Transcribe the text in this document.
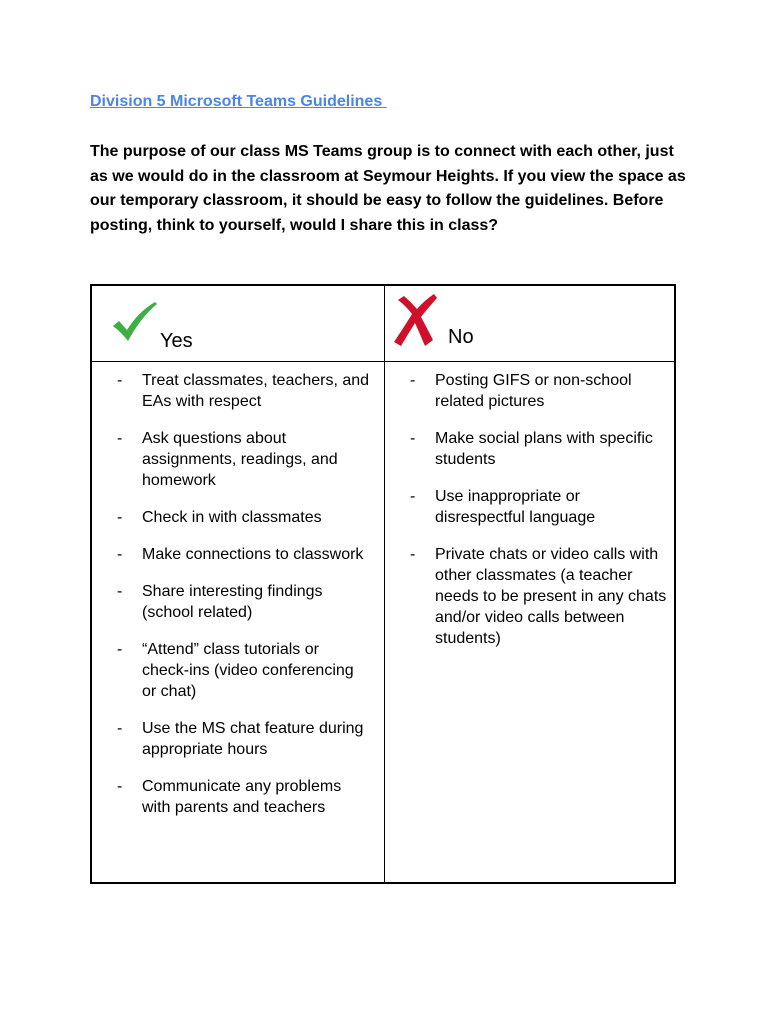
Division 5 Microsoft Teams Guidelines
The purpose of our class MS Teams group is to connect with each other, just as we would do in the classroom at Seymour Heights. If you view the space as our temporary classroom, it should be easy to follow the guidelines. Before posting, think to yourself, would I share this in class?
Yes	No
- Treat classmates, teachers, and EAs with respect
- Ask questions about assignments, readings, and homework
- Check in with classmates
- Make connections to classwork
- Share interesting findings (school related)
- “Attend” class tutorials or check-ins (video conferencing or chat)
- Use the MS chat feature during appropriate hours
- Communicate any problems with parents and teachers
- Posting GIFS or non-school related pictures
- Make social plans with specific students
- Use inappropriate or disrespectful language
- Private chats or video calls with other classmates (a teacher needs to be present in any chats and/or video calls between students)
